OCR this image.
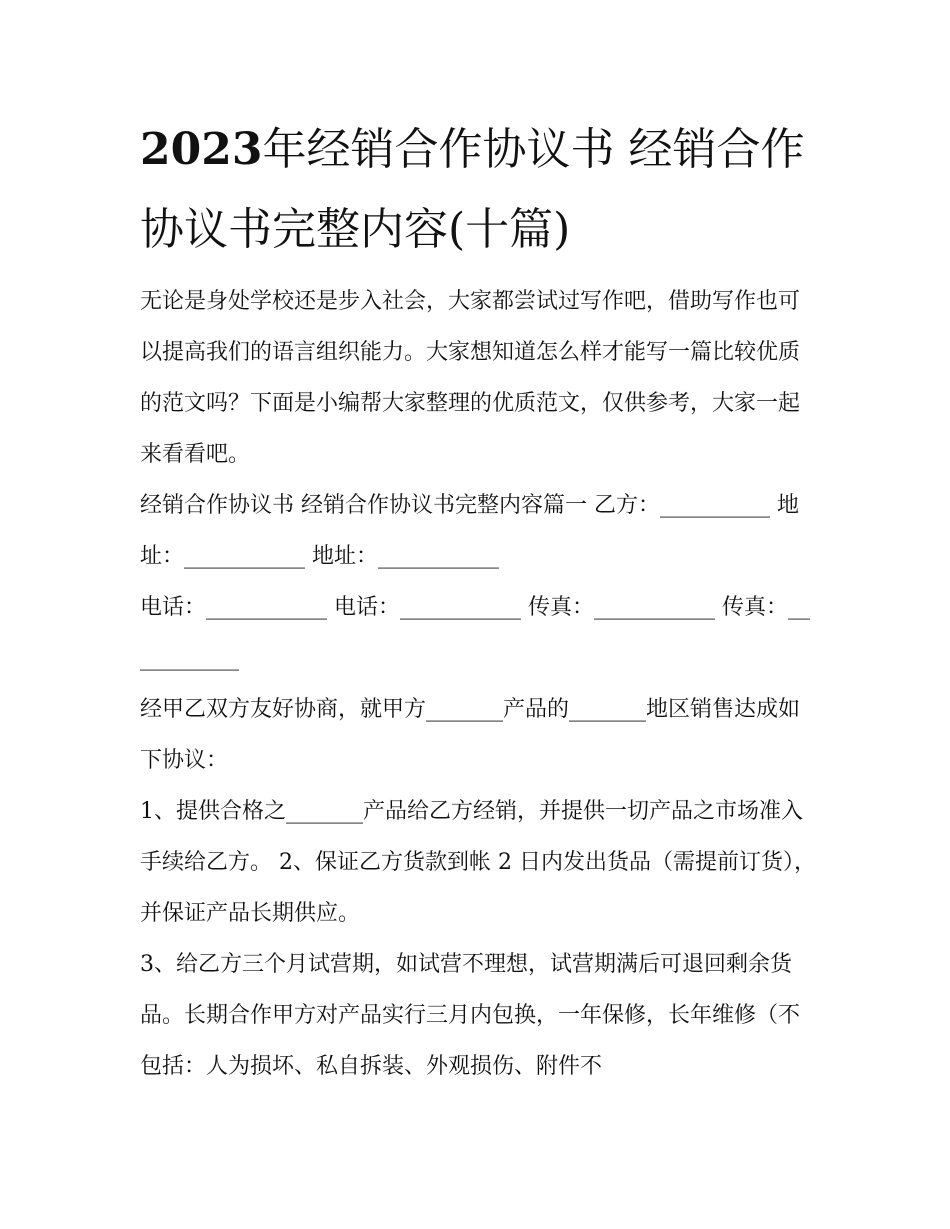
2023年经销合作协议书 经销合作协议书完整内容(十篇)

无论是身处学校还是步入社会，大家都尝试过写作吧，借助写作也可以提高我们的语言组织能力。大家想知道怎么样才能写一篇比较优质的范文吗？下面是小编帮大家整理的优质范文，仅供参考，大家一起来看看吧。

经销合作协议书 经销合作协议书完整内容篇一 乙方：__________ 地址：___________ 地址：___________

电话：___________ 电话：___________ 传真：___________ 传真：___________

经甲乙双方友好协商，就甲方_______产品的_______地区销售达成如下协议：

1、提供合格之_______产品给乙方经销，并提供一切产品之市场准入手续给乙方。 2、保证乙方货款到帐 2 日内发出货品（需提前订货），并保证产品长期供应。

3、给乙方三个月试营期，如试营不理想，试营期满后可退回剩余货品。长期合作甲方对产品实行三月内包换，一年保修，长年维修（不包括：人为损坏、私自拆装、外观损伤、附件不
